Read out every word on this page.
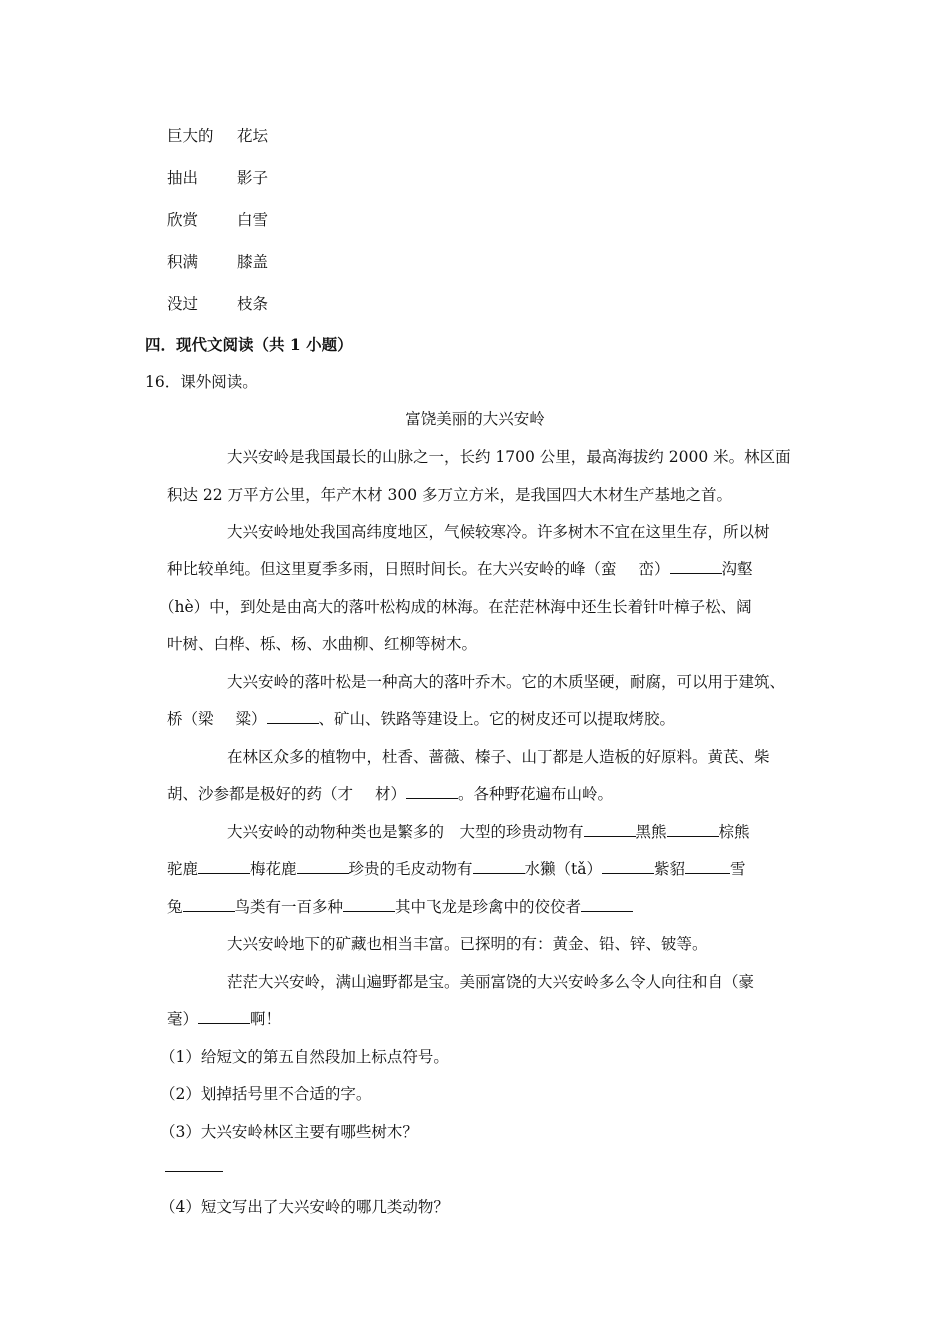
巨大的 花坛
抽出	影子
欣赏	白雪
积满	膝盖
没过	枝条
四．现代文阅读（共 1 小题）
16．课外阅读。
富饶美丽的大兴安岭
大兴安岭是我国最长的山脉之一，长约 1700 公里，最高海拔约 2000 米。林区面
积达 22 万平方公里，年产木材 300 多万立方米，是我国四大木材生产基地之首。
大兴安岭地处我国高纬度地区，气候较寒冷。许多树木不宜在这里生存，所以树
种比较单纯。但这里夏季多雨，日照时间长。在大兴安岭的峰（蛮 峦）	沟壑
（hè）中，到处是由高大的落叶松构成的林海。在茫茫林海中还生长着针叶樟子松、阔
叶树、白桦、栎、杨、水曲柳、红柳等树木。
大兴安岭的落叶松是一种高大的落叶乔木。它的木质坚硬，耐腐，可以用于建筑、
桥（梁 粱）	、矿山、铁路等建设上。它的树皮还可以提取烤胶。
在林区众多的植物中，杜香、蔷薇、榛子、山丁都是人造板的好原料。黄芪、柴
胡、沙参都是极好的药（才 材）	。各种野花遍布山岭。
大兴安岭的动物种类也是繁多的　大型的珍贵动物有	黑熊	棕熊
驼鹿	梅花鹿	珍贵的毛皮动物有	水獭（tǎ）	紫貂	雪
兔	鸟类有一百多种	其中飞龙是珍禽中的佼佼者
大兴安岭地下的矿藏也相当丰富。已探明的有：黄金、铅、锌、铍等。
茫茫大兴安岭，满山遍野都是宝。美丽富饶的大兴安岭多么令人向往和自（豪
毫）	啊！
（1）给短文的第五自然段加上标点符号。
（2）划掉括号里不合适的字。
（3）大兴安岭林区主要有哪些树木？
（4）短文写出了大兴安岭的哪几类动物？
